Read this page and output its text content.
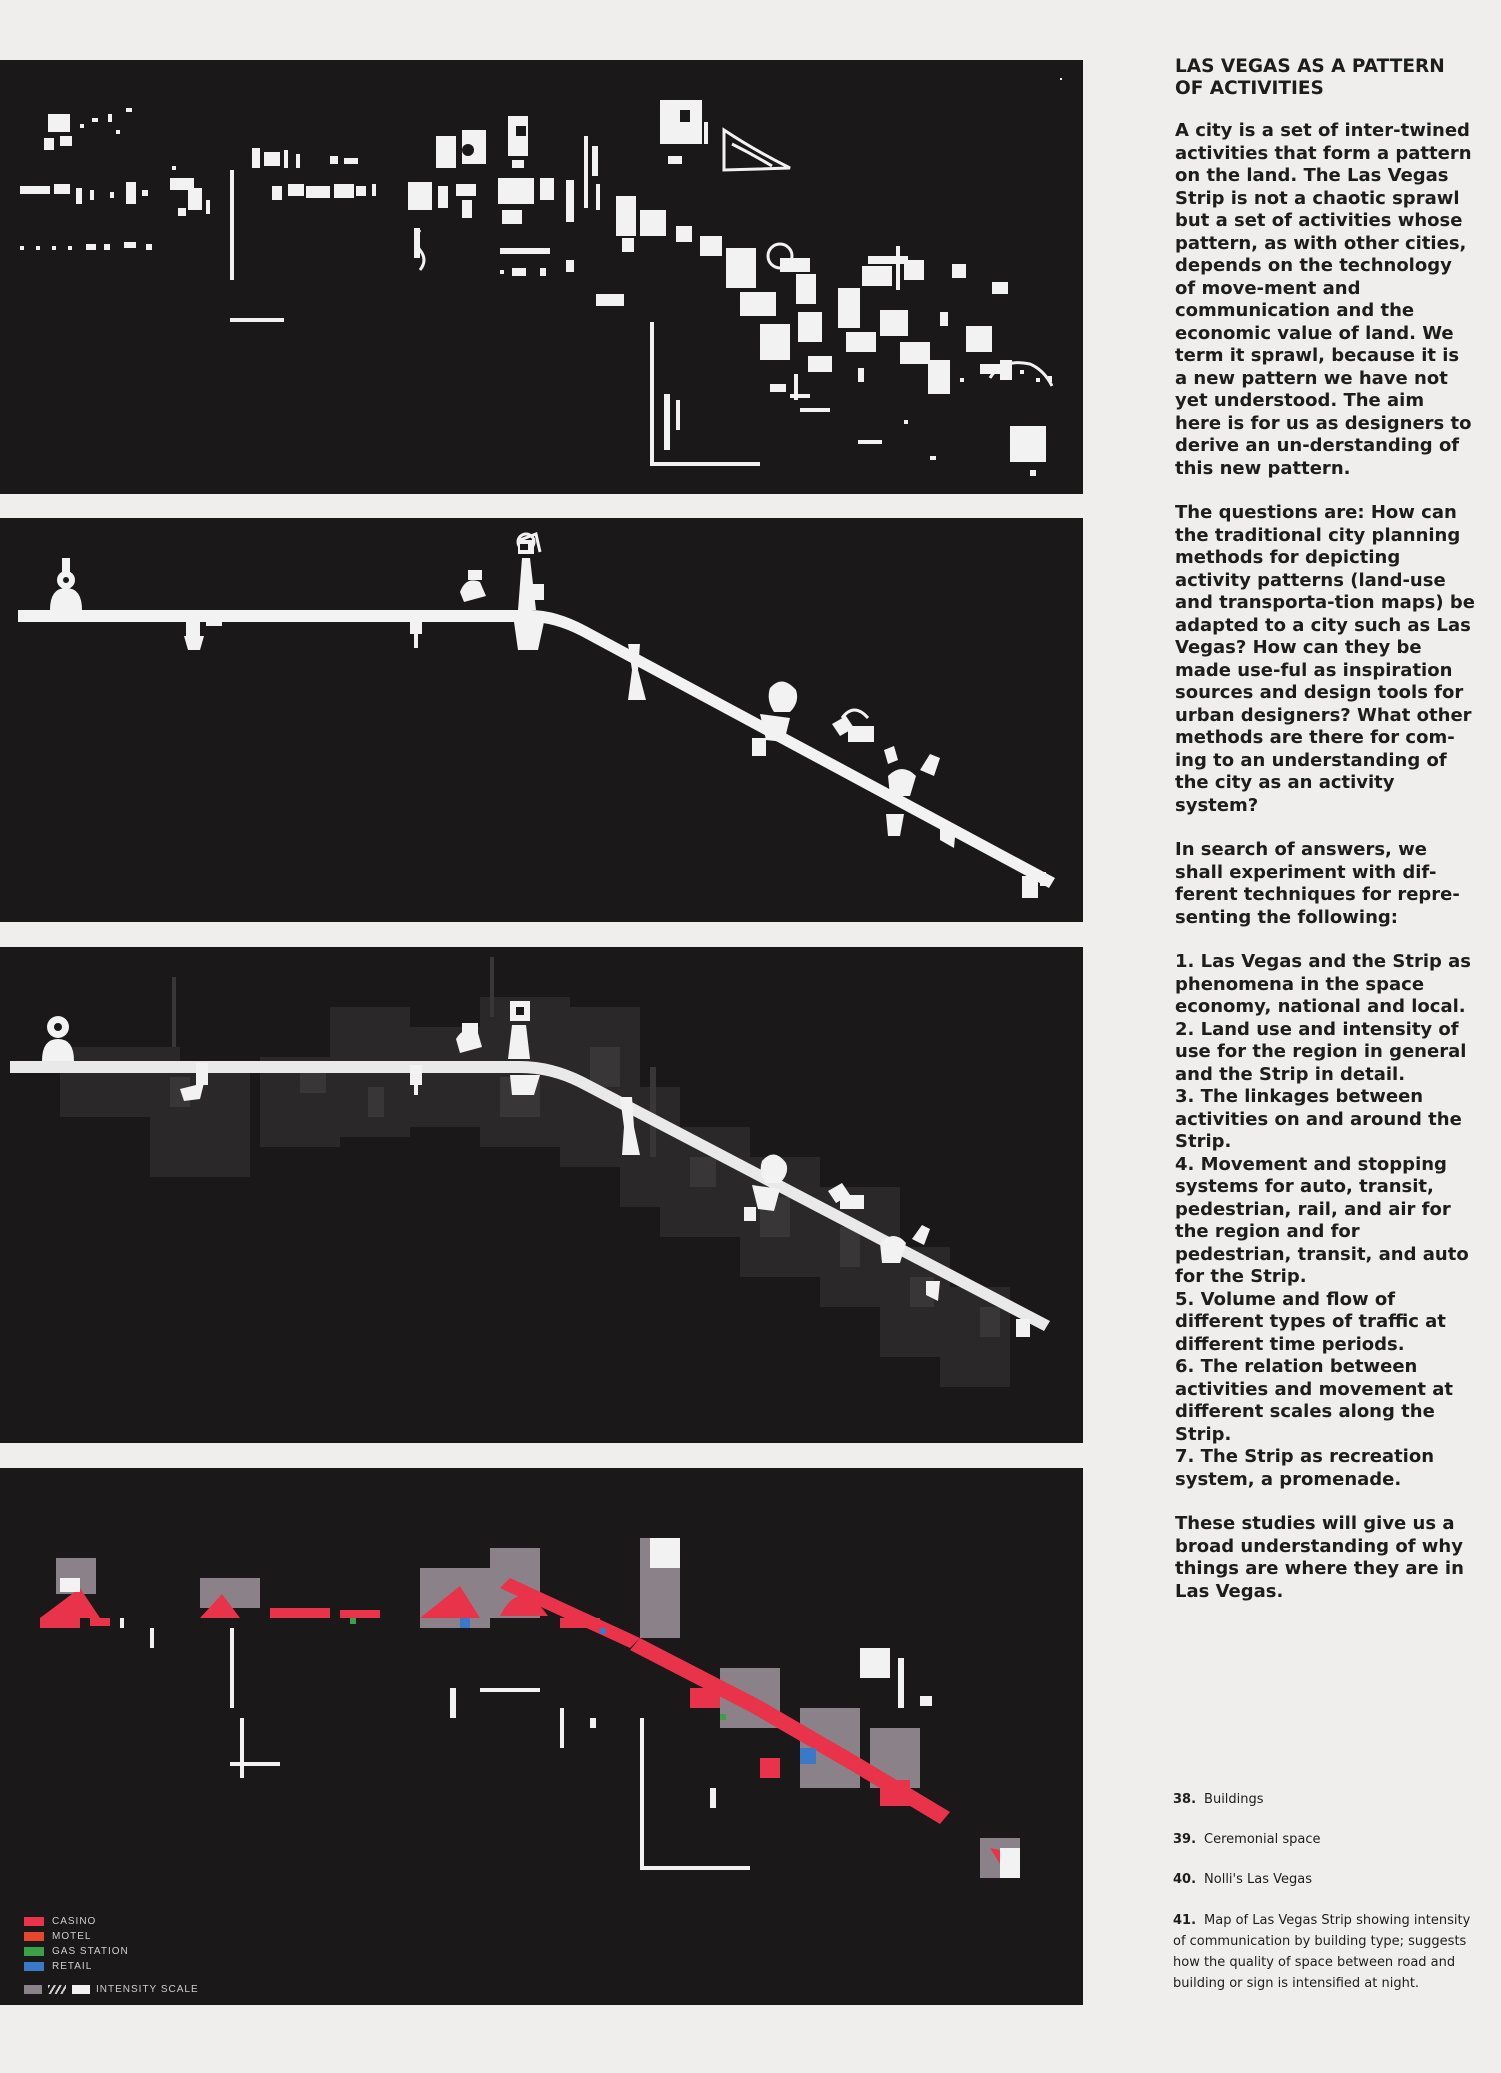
CASINO
MOTEL
GAS STATION
RETAIL
INTENSITY SCALE
LAS VEGAS AS A PATTERN OF ACTIVITIES

A city is a set of inter-twined activities that form a pattern on the land. The Las Vegas Strip is not a chaotic sprawl but a set of activities whose pattern, as with other cities, depends on the technology of move-ment and communication and the economic value of land. We term it sprawl, because it is a new pattern we have not yet understood. The aim here is for us as designers to derive an un-derstanding of this new pattern.

The questions are: How can the traditional city planning methods for depicting activity patterns (land-use and transporta-tion maps) be adapted to a city such as Las Vegas? How can they be made use-ful as inspiration sources and design tools for urban designers? What other methods are there for com-ing to an understanding of the city as an activity system?

In search of answers, we shall experiment with dif-ferent techniques for repre-senting the following:

1. Las Vegas and the Strip as phenomena in the space economy, national and local.

2. Land use and intensity of use for the region in general and the Strip in detail.

3. The linkages between activities on and around the Strip.

4. Movement and stopping systems for auto, transit, pedestrian, rail, and air for the region and for pedestrian, transit, and auto for the Strip.

5. Volume and flow of different types of traffic at different time periods.

6. The relation between activities and movement at different scales along the Strip.

7. The Strip as recreation system, a promenade.

These studies will give us a broad understanding of why things are where they are in Las Vegas.

38. Buildings

39. Ceremonial space

40. Nolli's Las Vegas

41. Map of Las Vegas Strip showing intensity of communication by building type; suggests how the quality of space between road and building or sign is intensified at night.
